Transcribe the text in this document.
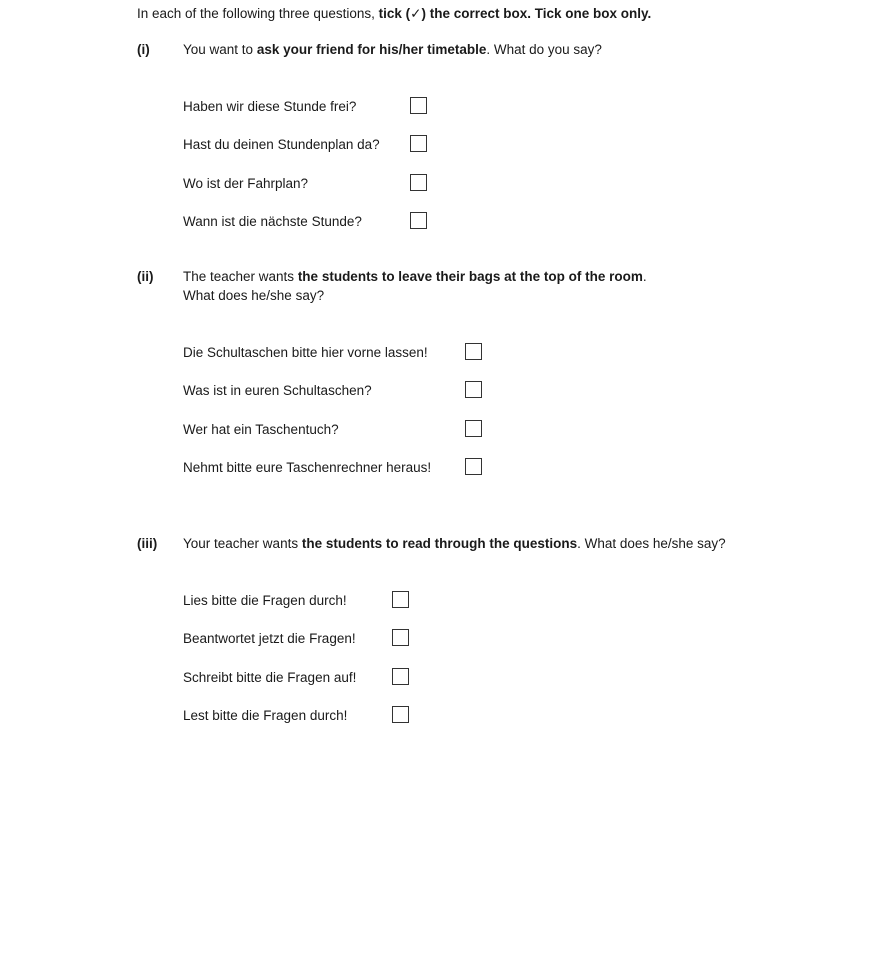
In each of the following three questions, tick (✓) the correct box. Tick one box only.
(i) You want to ask your friend for his/her timetable. What do you say?
Haben wir diese Stunde frei?
Hast du deinen Stundenplan da?
Wo ist der Fahrplan?
Wann ist die nächste Stunde?
(ii) The teacher wants the students to leave their bags at the top of the room.
What does he/she say?
Die Schultaschen bitte hier vorne lassen!
Was ist in euren Schultaschen?
Wer hat ein Taschentuch?
Nehmt bitte eure Taschenrechner heraus!
(iii) Your teacher wants the students to read through the questions. What does he/she say?
Lies bitte die Fragen durch!
Beantwortet jetzt die Fragen!
Schreibt bitte die Fragen auf!
Lest bitte die Fragen durch!
